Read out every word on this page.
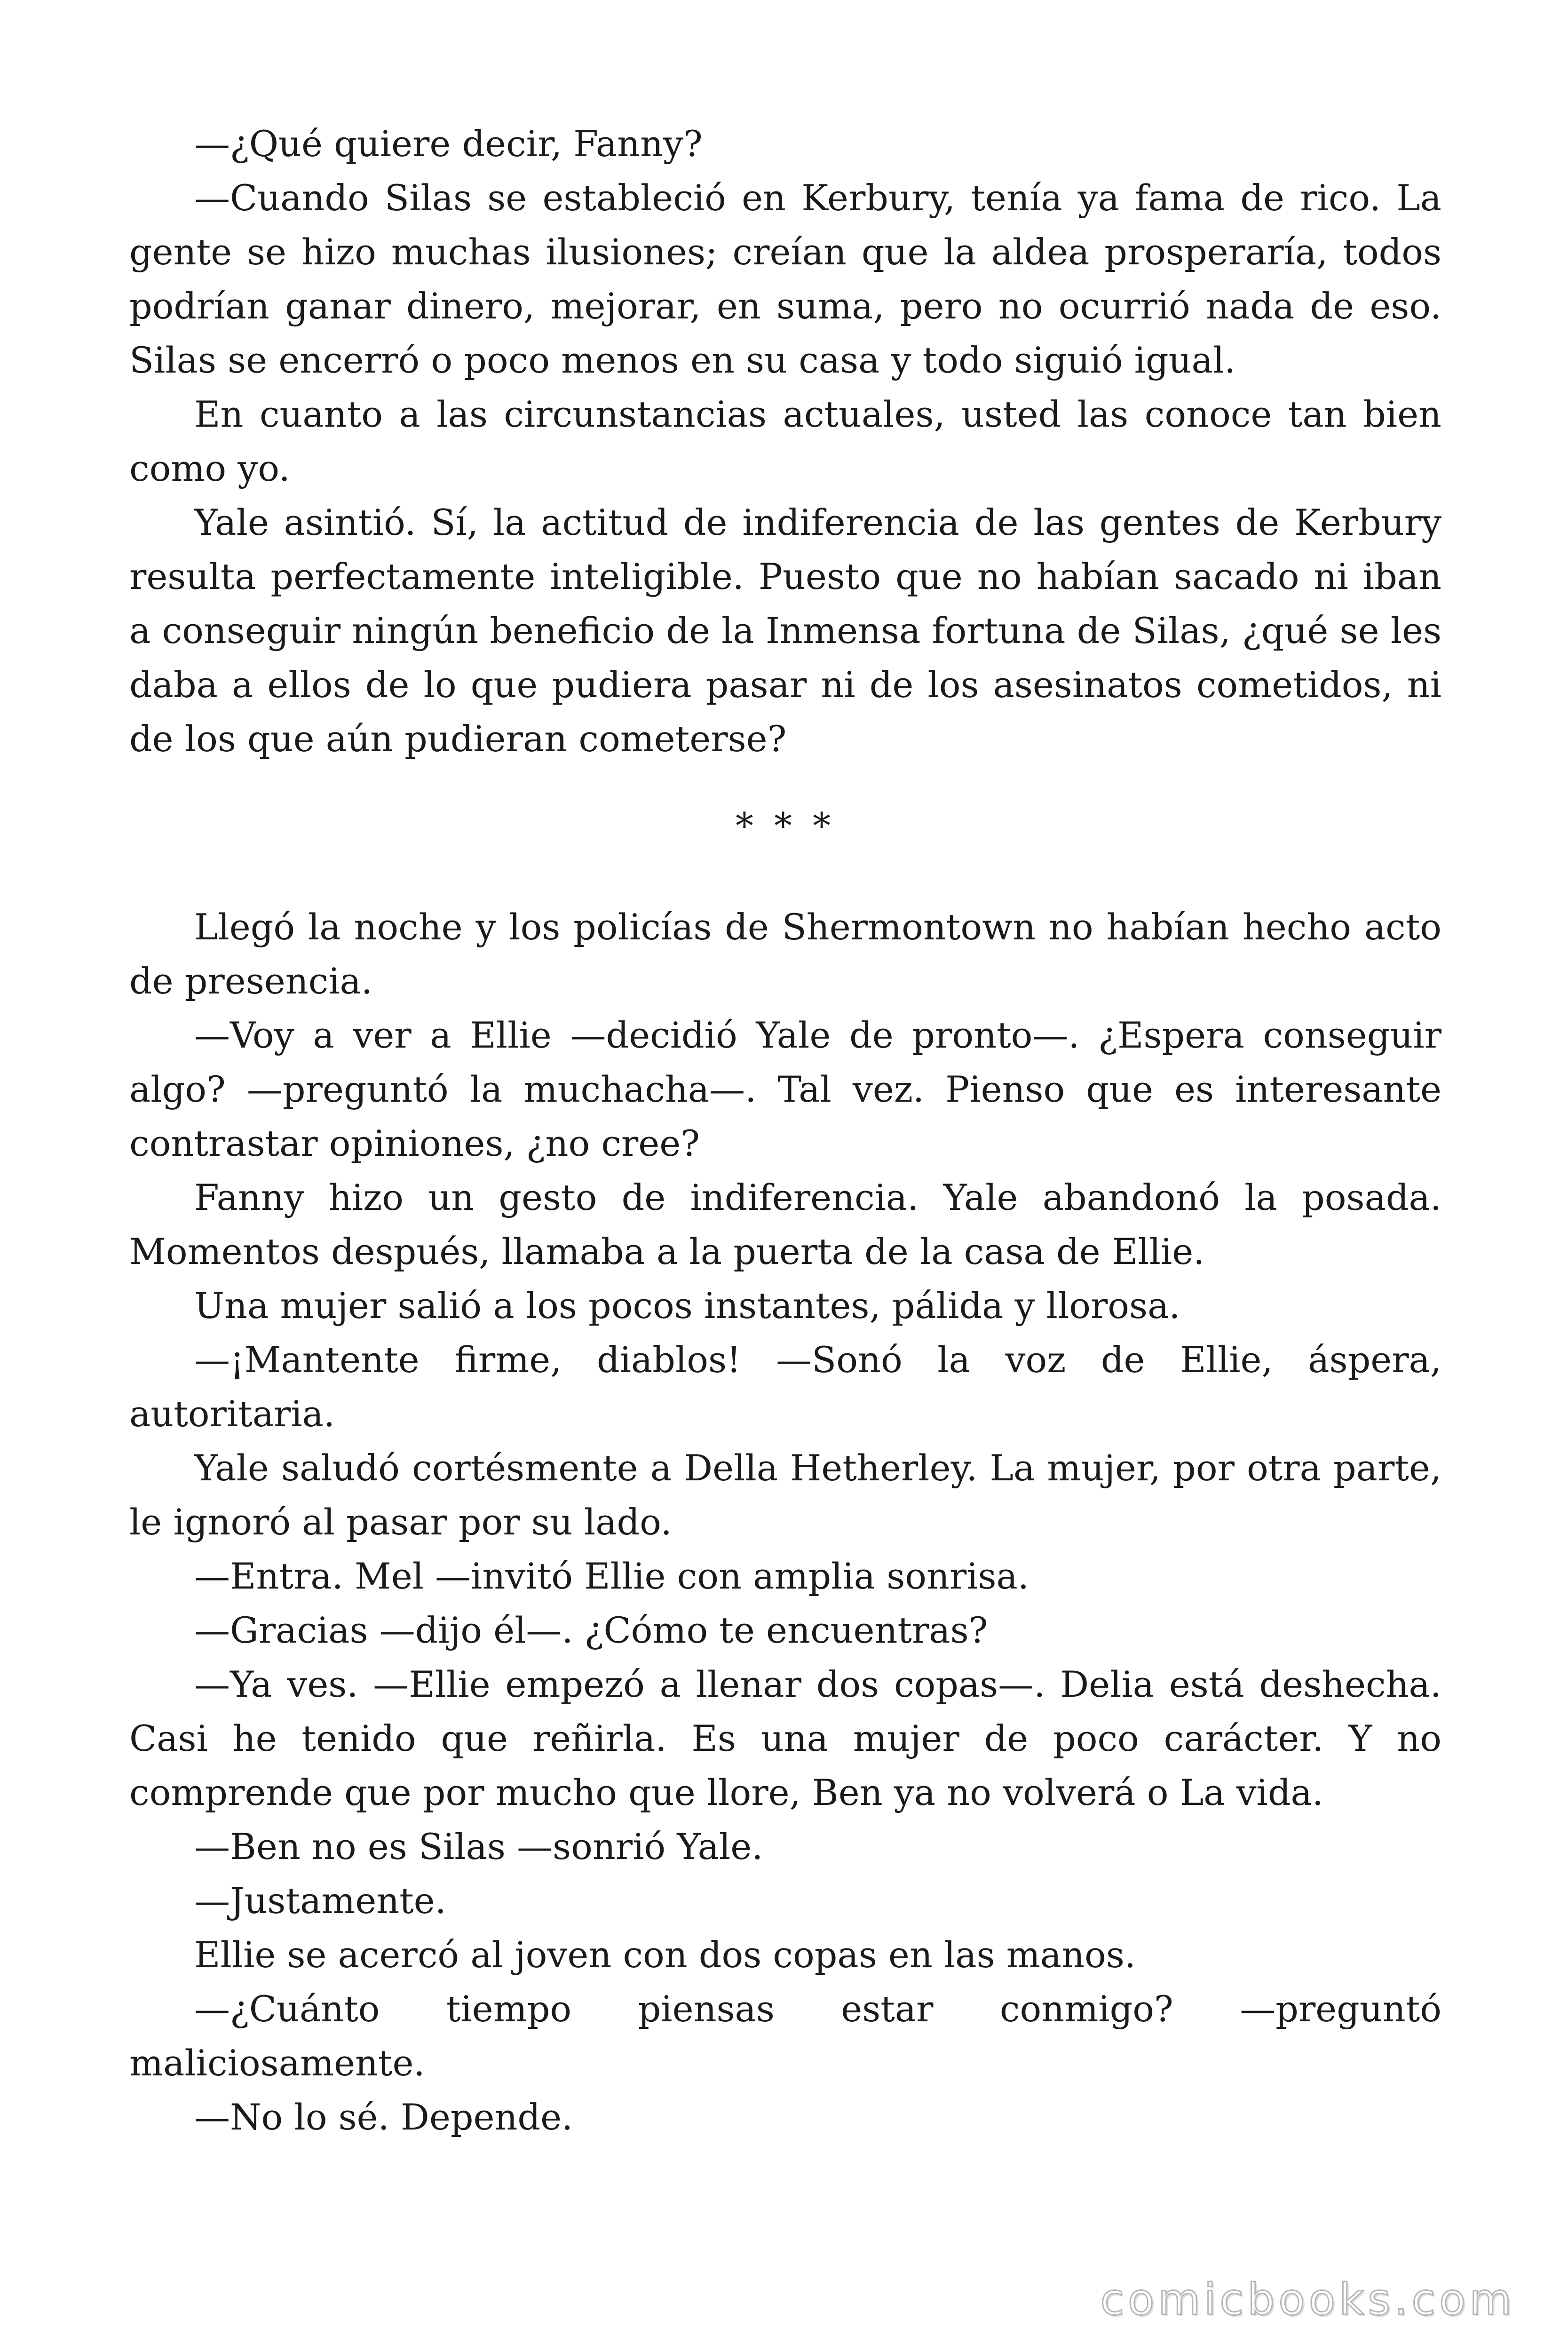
—¿Qué quiere decir, Fanny?

—Cuando Silas se estableció en Kerbury, tenía ya fama de rico. La gente se hizo muchas ilusiones; creían que la aldea prosperaría, todos podrían ganar dinero, mejorar, en suma, pero no ocurrió nada de eso. Silas se encerró o poco menos en su casa y todo siguió igual.

En cuanto a las circunstancias actuales, usted las conoce tan bien como yo.

Yale asintió. Sí, la actitud de indiferencia de las gentes de Kerbury resulta perfectamente inteligible. Puesto que no habían sacado ni iban a conseguir ningún beneficio de la Inmensa fortuna de Silas, ¿qué se les daba a ellos de lo que pudiera pasar ni de los asesinatos cometidos, ni de los que aún pudieran cometerse?

* * *

Llegó la noche y los policías de Shermontown no habían hecho acto de presencia.

—Voy a ver a Ellie —decidió Yale de pronto—. ¿Espera conseguir algo? —preguntó la muchacha—. Tal vez. Pienso que es interesante contrastar opiniones, ¿no cree?

Fanny hizo un gesto de indiferencia. Yale abandonó la posada. Momentos después, llamaba a la puerta de la casa de Ellie.

Una mujer salió a los pocos instantes, pálida y llorosa.

—¡Mantente firme, diablos! —Sonó la voz de Ellie, áspera, autoritaria.

Yale saludó cortésmente a Della Hetherley. La mujer, por otra parte, le ignoró al pasar por su lado.

—Entra. Mel —invitó Ellie con amplia sonrisa.

—Gracias —dijo él—. ¿Cómo te encuentras?

—Ya ves. —Ellie empezó a llenar dos copas—. Delia está deshecha. Casi he tenido que reñirla. Es una mujer de poco carácter. Y no comprende que por mucho que llore, Ben ya no volverá o La vida.

—Ben no es Silas —sonrió Yale.

—Justamente.

Ellie se acercó al joven con dos copas en las manos.

—¿Cuánto tiempo piensas estar conmigo? —preguntó maliciosamente.

—No lo sé. Depende.

comicbooks.com
